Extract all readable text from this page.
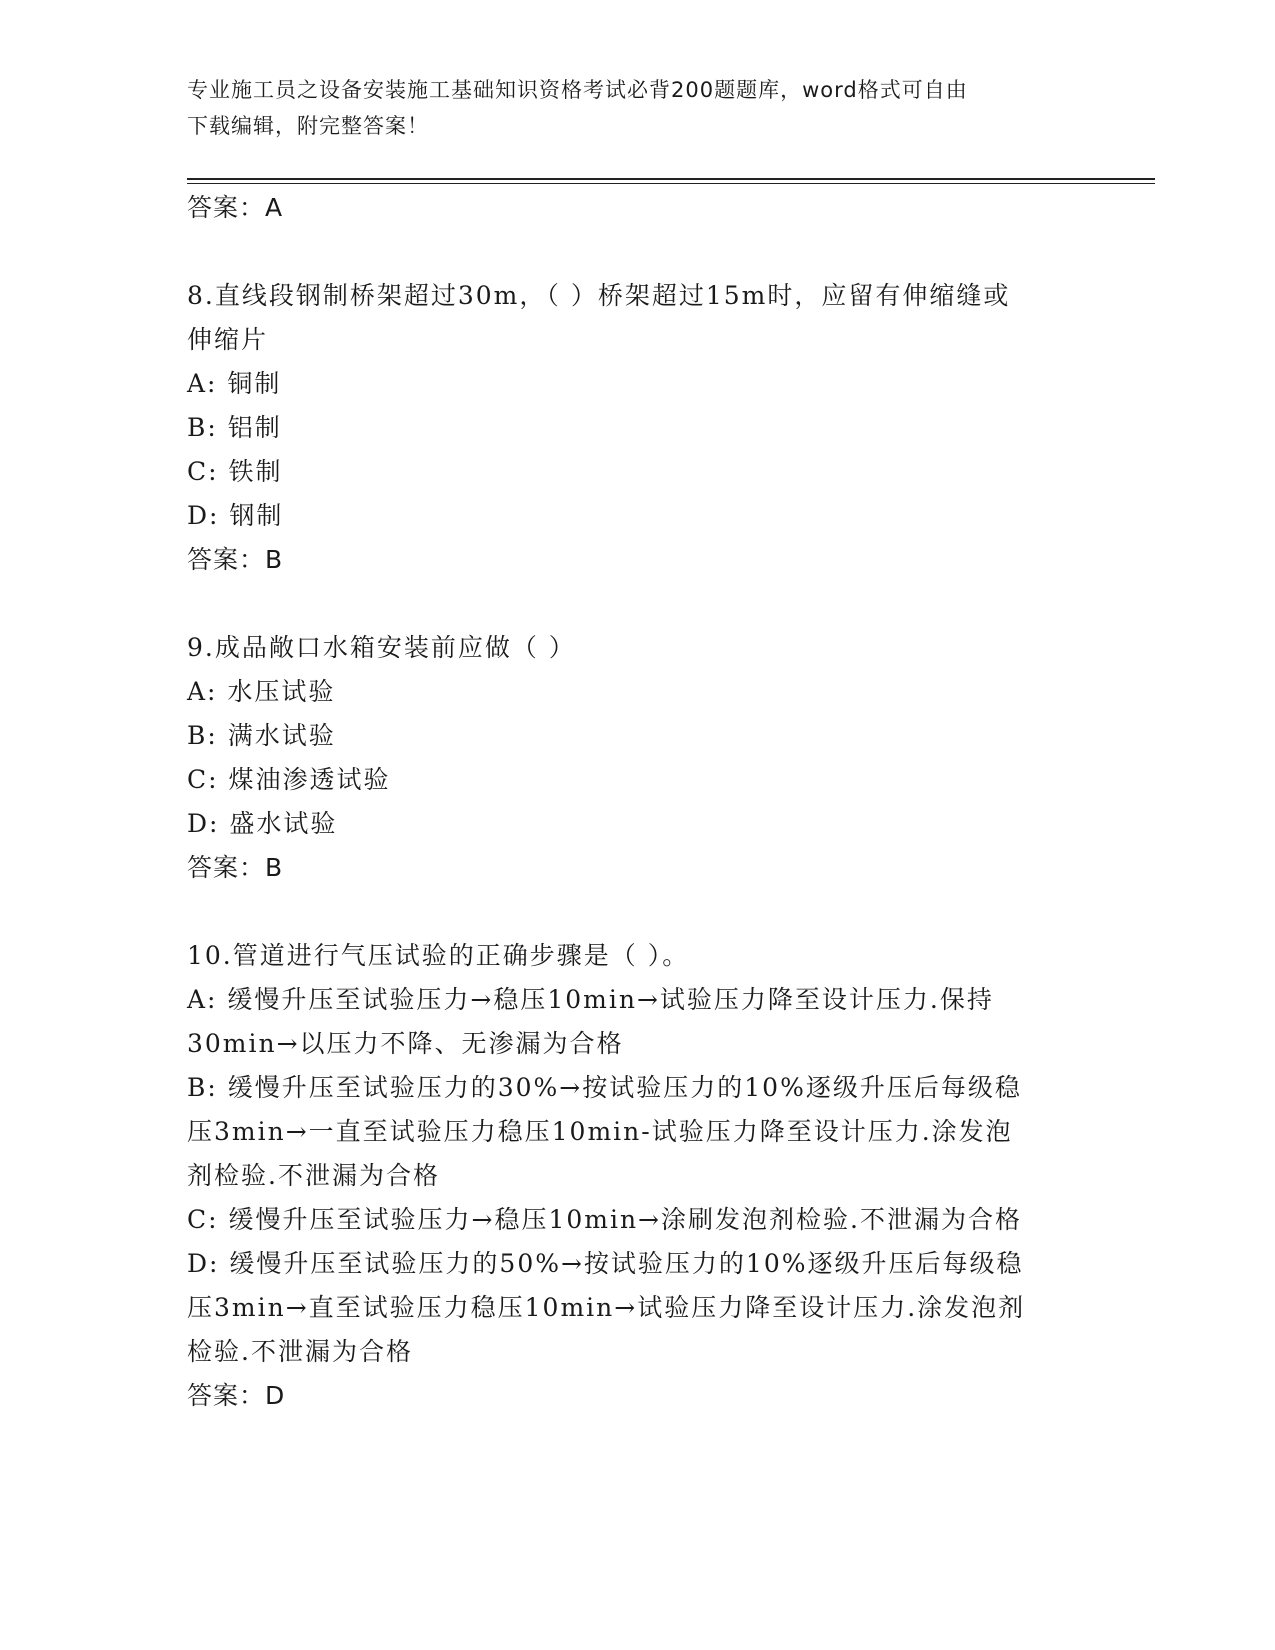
专业施工员之设备安装施工基础知识资格考试必背200题题库，word格式可自由
下载编辑，附完整答案！
答案：A
8.直线段钢制桥架超过30m，（ ）桥架超过15m时，应留有伸缩缝或
伸缩片
A: 铜制
B: 铝制
C: 铁制
D: 钢制
答案：B
9.成品敞口水箱安装前应做（ ）
A: 水压试验
B: 满水试验
C: 煤油渗透试验
D: 盛水试验
答案：B
10.管道进行气压试验的正确步骤是（ ）。
A: 缓慢升压至试验压力→稳压10min→试验压力降至设计压力.保持
30min→以压力不降、无渗漏为合格
B: 缓慢升压至试验压力的30%→按试验压力的10%逐级升压后每级稳
压3min→一直至试验压力稳压10min-试验压力降至设计压力.涂发泡
剂检验.不泄漏为合格
C: 缓慢升压至试验压力→稳压10min→涂刷发泡剂检验.不泄漏为合格
D: 缓慢升压至试验压力的50%→按试验压力的10%逐级升压后每级稳
压3min→直至试验压力稳压10min→试验压力降至设计压力.涂发泡剂
检验.不泄漏为合格
答案：D
